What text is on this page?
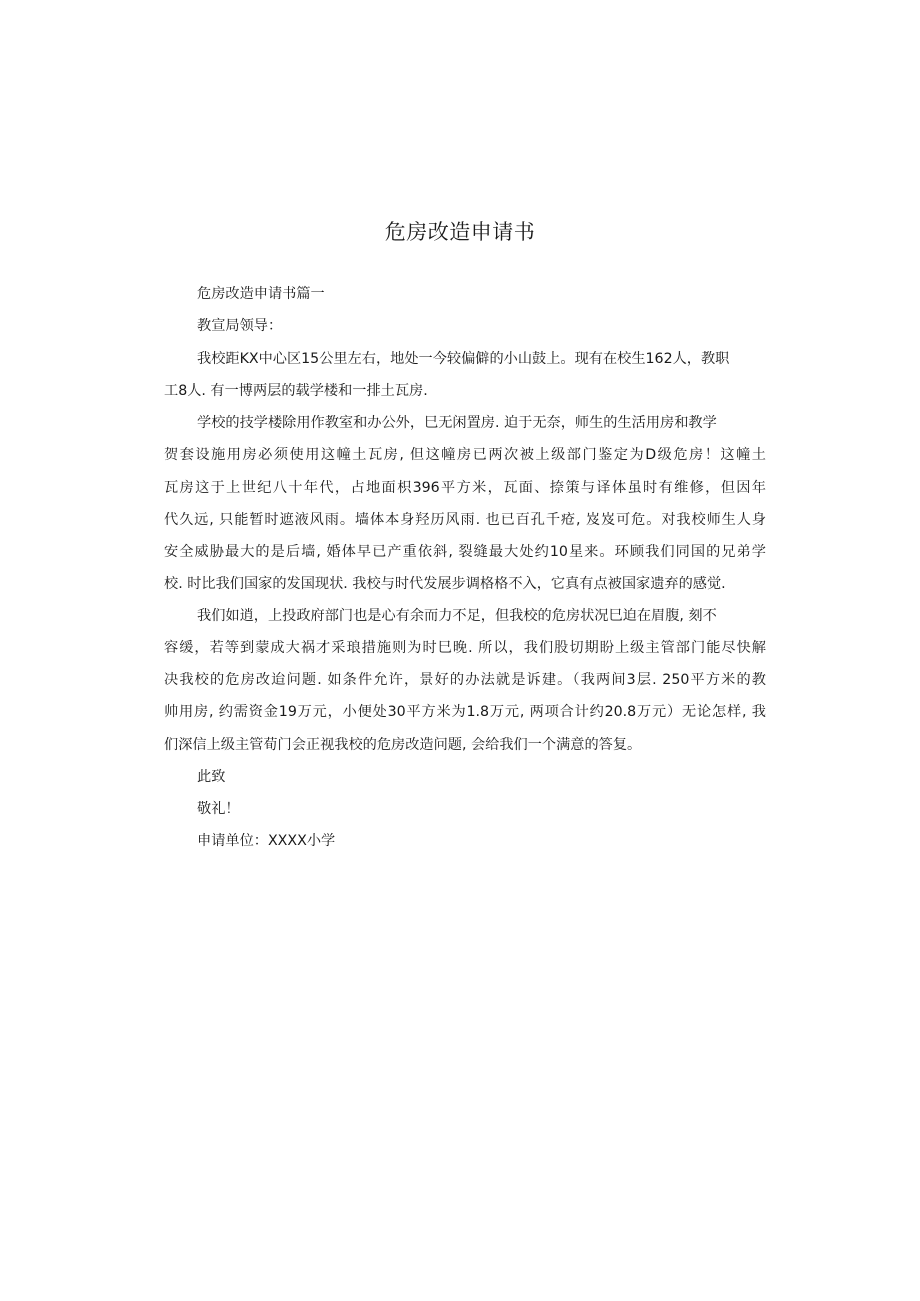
危房改造申请书

危房改造申请书篇一

教宣局领导：

我校距KX中心区15公里左右，地处一今较偏僻的小山鼓上。现有在校生162人，教职

工8人. 有一博两层的载学楼和一排土瓦房.

学校的技学楼除用作教室和办公外，巳无闲置房. 迫于无奈，师生的生活用房和教学

贺套设施用房必须使用这幢土瓦房, 但这幢房已两次被上级部门鉴定为D级危房！这幢土

瓦房这于上世纪八十年代，占地面枳396平方米，瓦面、捺策与译体虽时有维修，但因年

代久远, 只能暂时遮液风雨。墙体本身羟历风雨. 也已百孔千疮, 岌岌可危。对我校师生人身

安全威胁最大的是后墙, 婚体早已产重依斜, 裂缝最大处约10星来。环顾我们同国的兄弟学

校. 时比我们国家的发国现状. 我校与时代发展步调格格不入，它真有点被国家遗弃的感觉.

我们如逍，上投政府部门也是心有余而力不足，但我校的危房状况巳迫在眉腹, 刻不

容缓，若等到蒙成大祸才采琅措施则为时巳晚. 所以，我们股切期盼上级主管部门能尽快解

决我校的危房改迨问题. 如条件允许，景好的办法就是诉建。（我两间3层. 250平方米的教

帅用房, 约需资金19万元，小便处30平方米为1.8万元, 两项合计约20.8万元）无论怎样, 我

们深信上级主管荀门会正视我校的危房改造问题, 会给我们一个满意的答复。

此致

敬礼！

申请单位：XXXX小学
